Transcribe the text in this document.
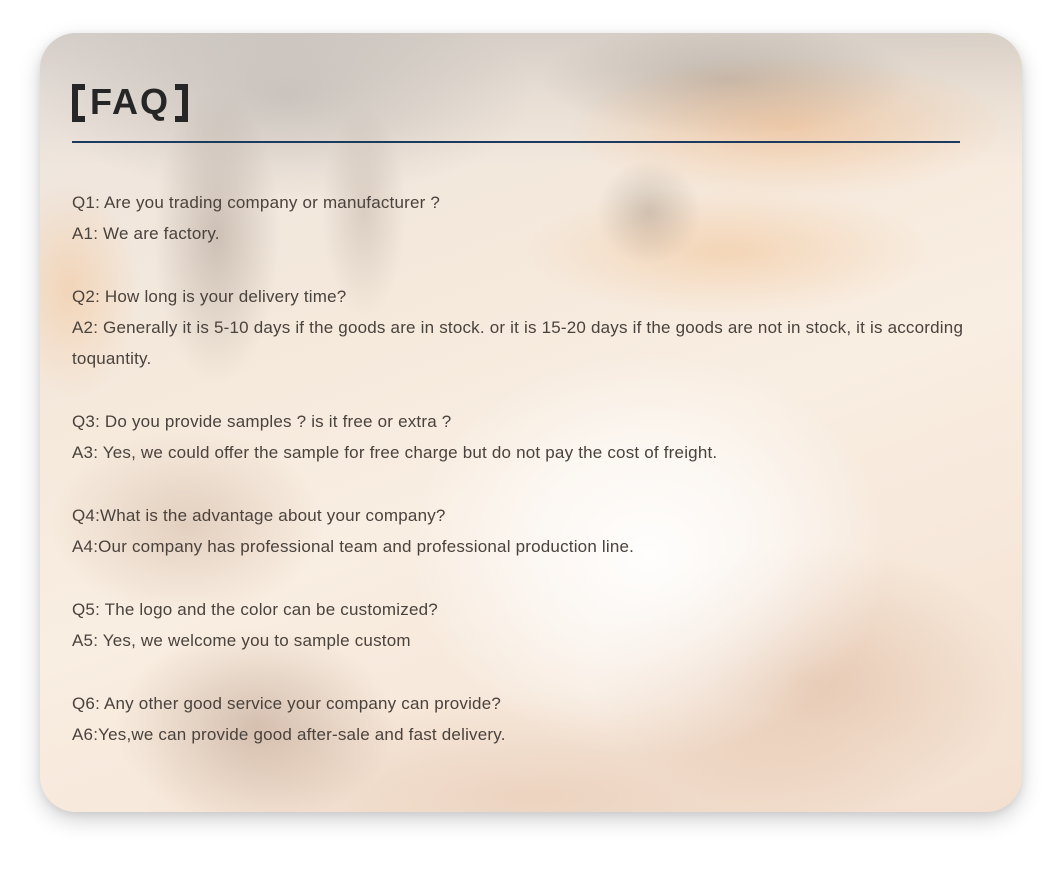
FAQ

Q1: Are you trading company or manufacturer ?

A1: We are factory.

Q2: How long is your delivery time?

A2: Generally it is 5-10 days if the goods are in stock. or it is 15-20 days if the goods are not in stock, it is according toquantity.

Q3: Do you provide samples ? is it free or extra ?

A3: Yes, we could offer the sample for free charge but do not pay the cost of freight.

Q4:What is the advantage about your company?

A4:Our company has professional team and professional production line.

Q5: The logo and the color can be customized?

A5: Yes, we welcome you to sample custom

Q6: Any other good service your company can provide?

A6:Yes,we can provide good after-sale and fast delivery.
